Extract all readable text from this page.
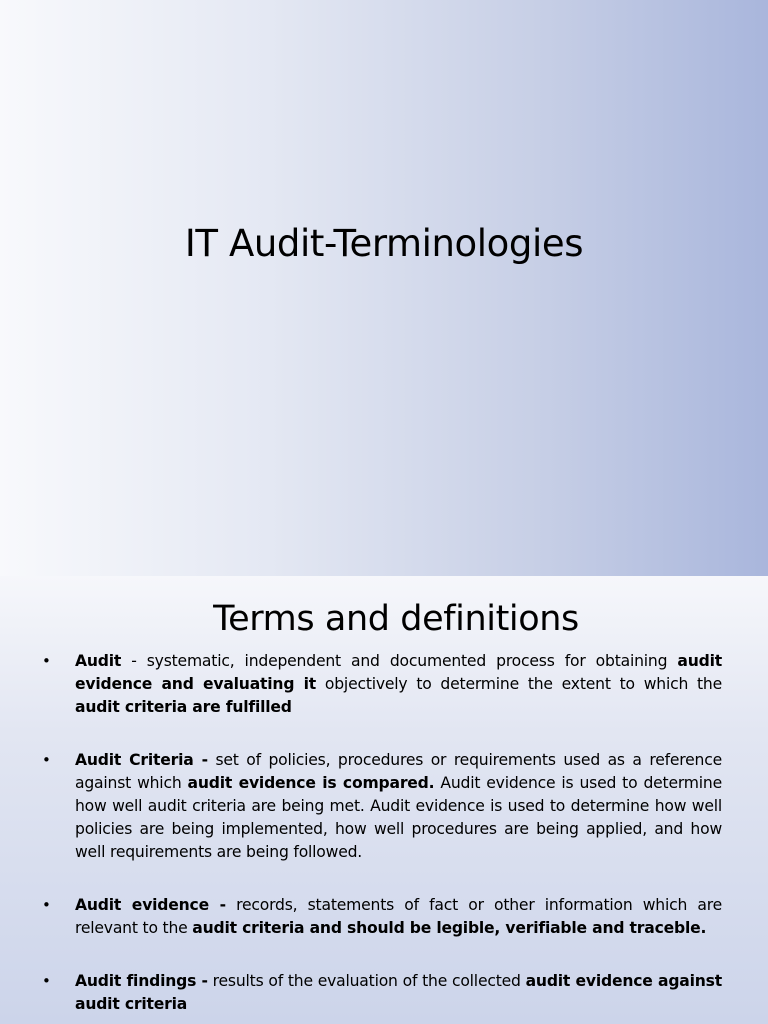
IT Audit-Terminologies
Terms and definitions
•	Audit - systematic, independent and documented process for obtaining audit evidence and evaluating it objectively to determine the extent to which the audit criteria are fulfilled
•	Audit Criteria - set of policies, procedures or requirements used as a reference against which audit evidence is compared. Audit evidence is used to determine how well audit criteria are being met. Audit evidence is used to determine how well policies are being implemented, how well procedures are being applied, and how well requirements are being followed.
•	Audit evidence - records, statements of fact or other information which are relevant to the audit criteria and should be legible, verifiable and traceble.
•	Audit findings - results of the evaluation of the collected audit evidence against audit criteria
